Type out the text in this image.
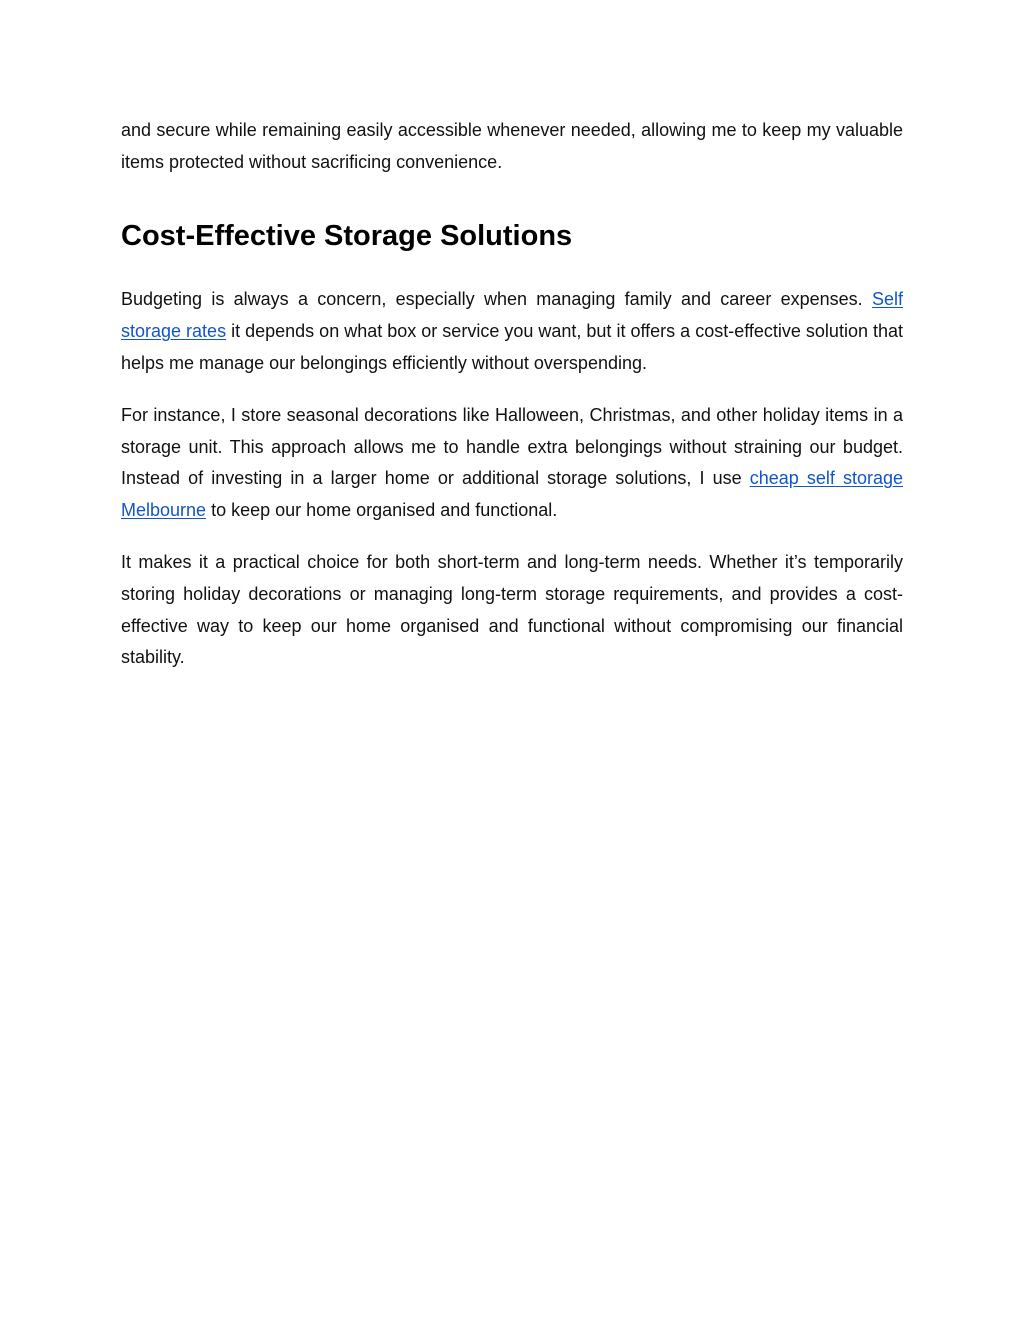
and secure while remaining easily accessible whenever needed, allowing me to keep my valuable items protected without sacrificing convenience.

Cost-Effective Storage Solutions

Budgeting is always a concern, especially when managing family and career expenses. Self storage rates it depends on what box or service you want, but it offers a cost-effective solution that helps me manage our belongings efficiently without overspending.

For instance, I store seasonal decorations like Halloween, Christmas, and other holiday items in a storage unit. This approach allows me to handle extra belongings without straining our budget. Instead of investing in a larger home or additional storage solutions, I use cheap self storage Melbourne to keep our home organised and functional.

It makes it a practical choice for both short-term and long-term needs. Whether it’s temporarily storing holiday decorations or managing long-term storage requirements, and provides a cost-effective way to keep our home organised and functional without compromising our financial stability.
